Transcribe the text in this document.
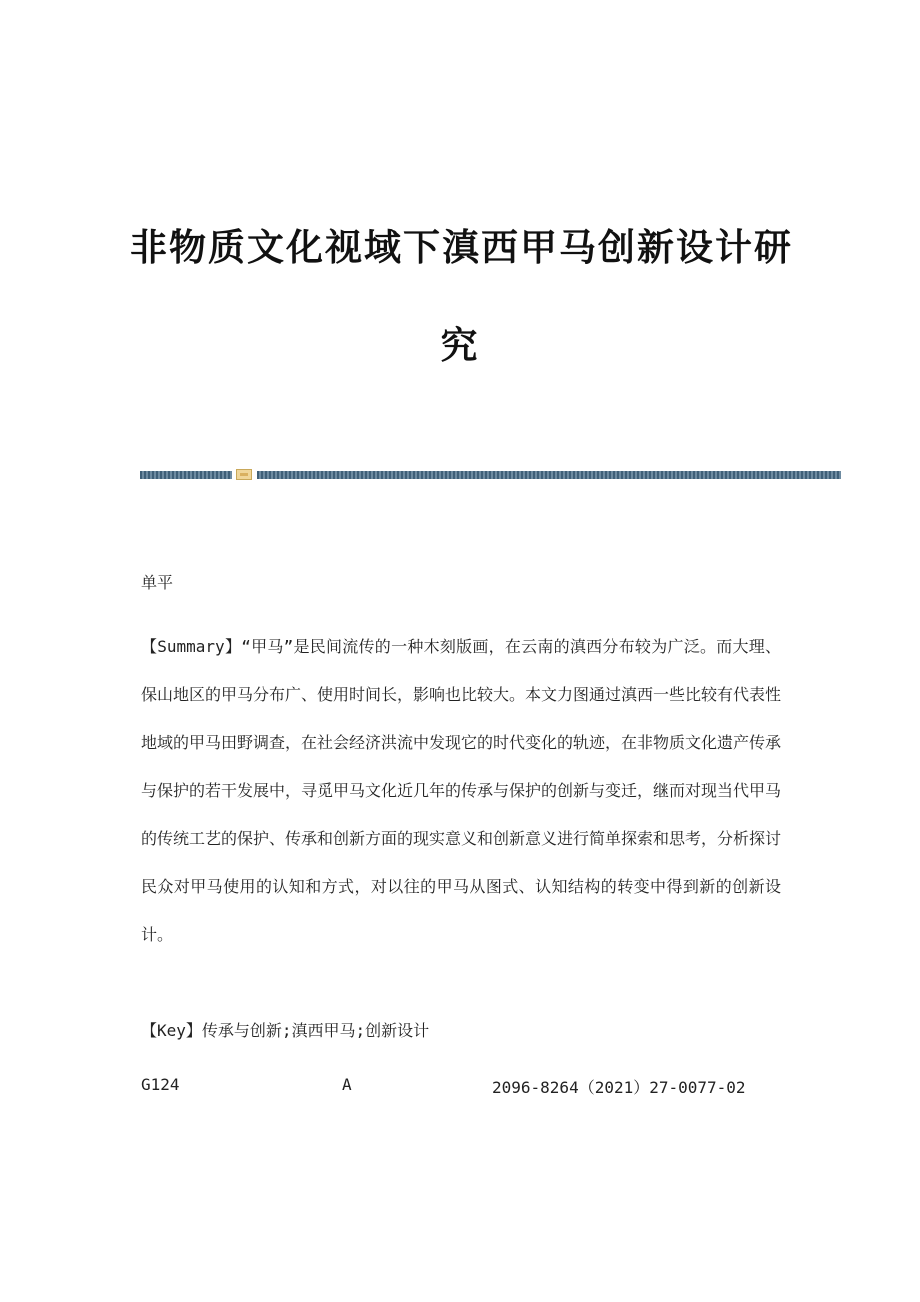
非物质文化视域下滇西甲马创新设计研
究
单平
【Summary】“甲马”是民间流传的一种木刻版画，在云南的滇西分布较为广泛。而大理、保山地区的甲马分布广、使用时间长，影响也比较大。本文力图通过滇西一些比较有代表性地域的甲马田野调查，在社会经济洪流中发现它的时代变化的轨迹，在非物质文化遗产传承与保护的若干发展中，寻觅甲马文化近几年的传承与保护的创新与变迁，继而对现当代甲马的传统工艺的保护、传承和创新方面的现实意义和创新意义进行简单探索和思考，分析探讨民众对甲马使用的认知和方式，对以往的甲马从图式、认知结构的转变中得到新的创新设计。
【Key】传承与创新;滇西甲马;创新设计
G124	A	2096-8264（2021）27-0077-02
